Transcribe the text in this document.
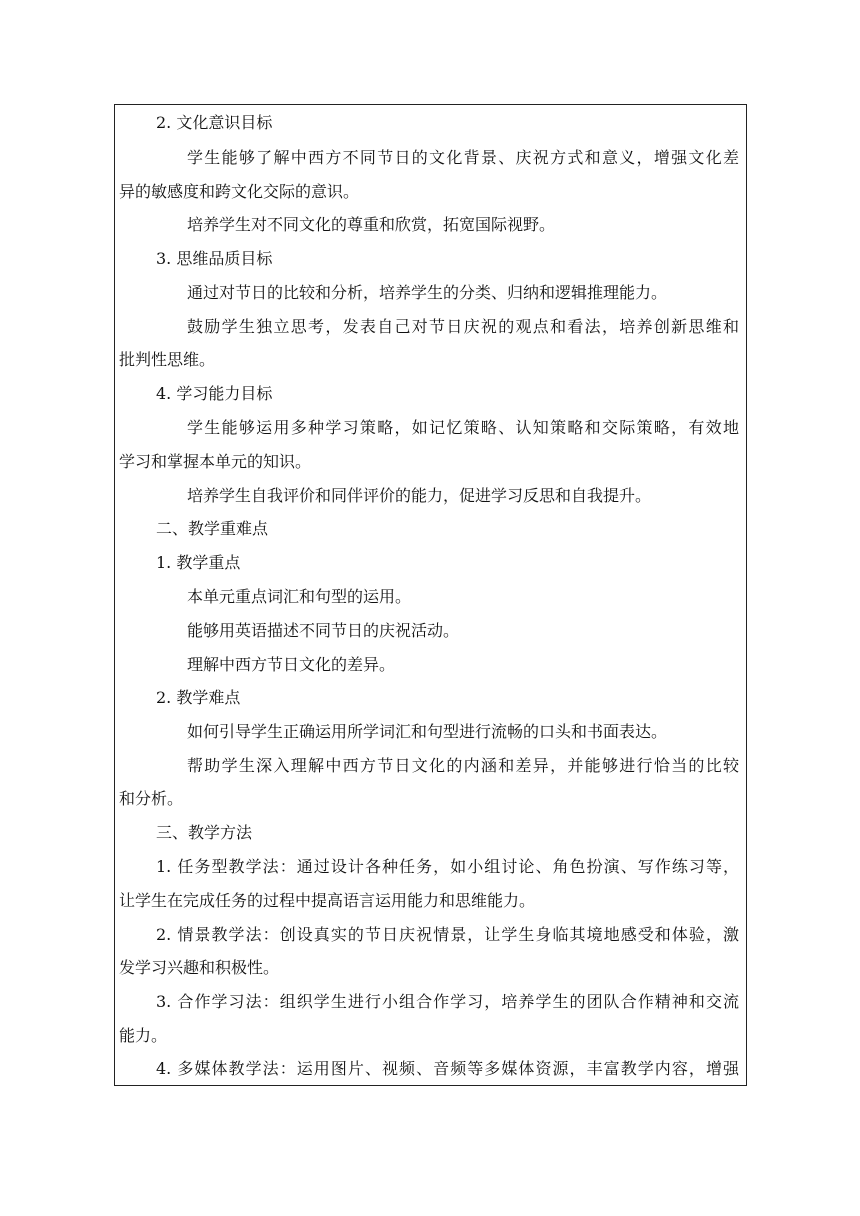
2. 文化意识目标
学生能够了解中西方不同节日的文化背景、庆祝方式和意义，增强文化差
异的敏感度和跨文化交际的意识。
培养学生对不同文化的尊重和欣赏，拓宽国际视野。
3. 思维品质目标
通过对节日的比较和分析，培养学生的分类、归纳和逻辑推理能力。
鼓励学生独立思考，发表自己对节日庆祝的观点和看法，培养创新思维和
批判性思维。
4. 学习能力目标
学生能够运用多种学习策略，如记忆策略、认知策略和交际策略，有效地
学习和掌握本单元的知识。
培养学生自我评价和同伴评价的能力，促进学习反思和自我提升。
二、教学重难点
1. 教学重点
本单元重点词汇和句型的运用。
能够用英语描述不同节日的庆祝活动。
理解中西方节日文化的差异。
2. 教学难点
如何引导学生正确运用所学词汇和句型进行流畅的口头和书面表达。
帮助学生深入理解中西方节日文化的内涵和差异，并能够进行恰当的比较
和分析。
三、教学方法
1. 任务型教学法：通过设计各种任务，如小组讨论、角色扮演、写作练习等，
让学生在完成任务的过程中提高语言运用能力和思维能力。
2. 情景教学法：创设真实的节日庆祝情景，让学生身临其境地感受和体验，激
发学习兴趣和积极性。
3. 合作学习法：组织学生进行小组合作学习，培养学生的团队合作精神和交流
能力。
4. 多媒体教学法：运用图片、视频、音频等多媒体资源，丰富教学内容，增强
